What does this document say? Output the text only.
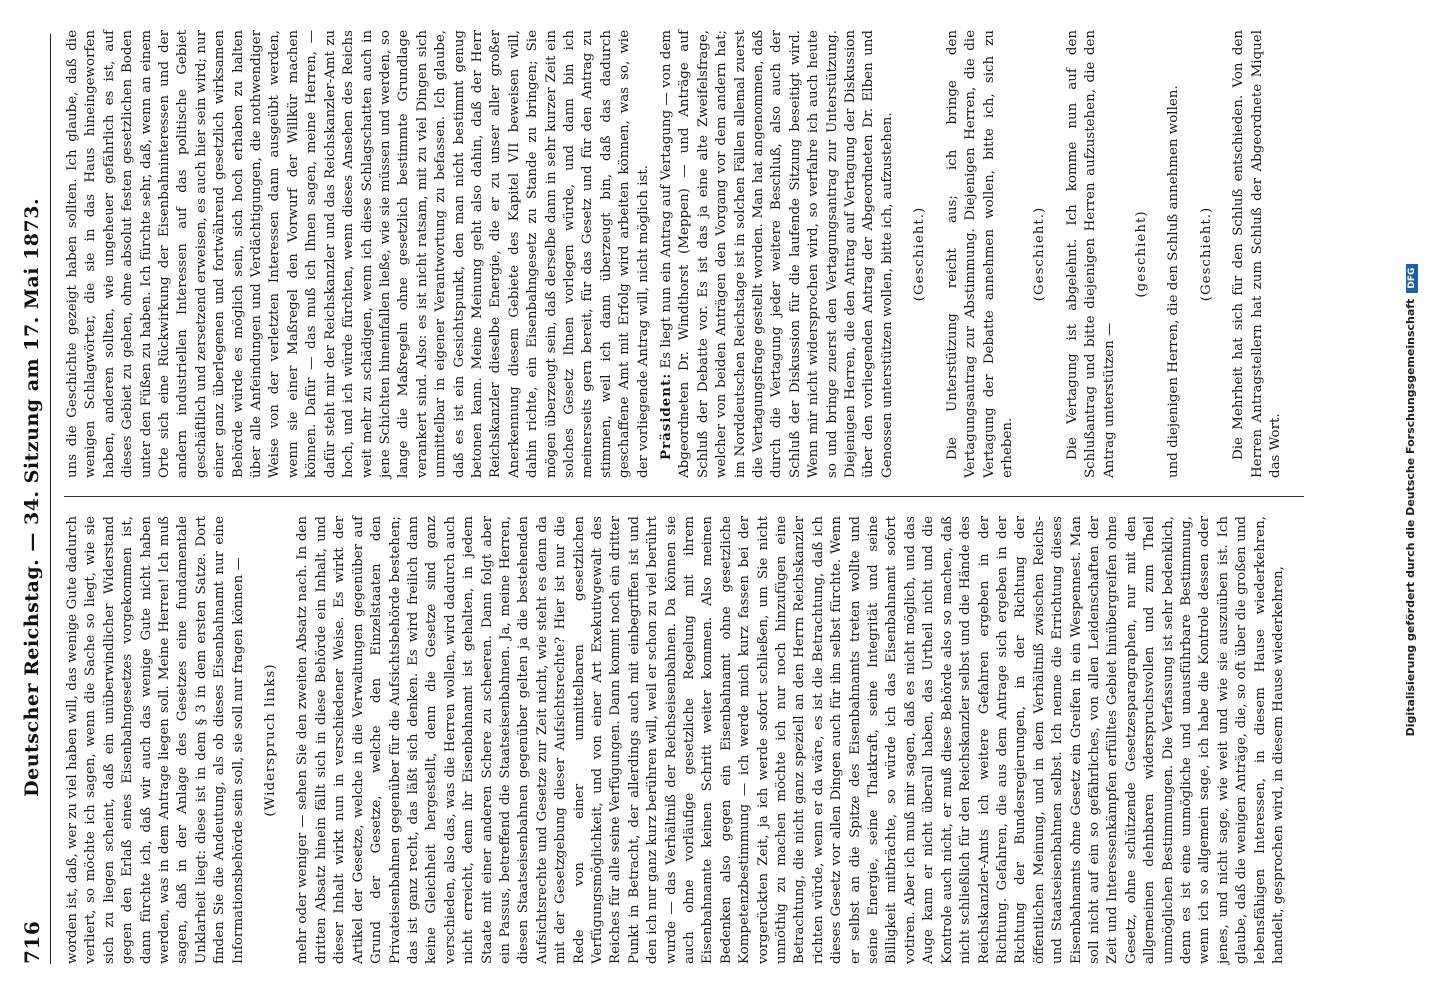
716
Deutscher Reichstag. — 34. Sitzung am 17. Mai 1873. worden ist, daß, wer zu viel haben will, das wenige Gute dadurch verliert, so möchte ich sagen, wenn die Sache so liegt, wie sie sich zu liegen scheint, daß ein unüberwindlicher Widerstand gegen den Erlaß eines Eisenbahngesetzes vorgekommen ist, dann fürchte ich, daß wir auch das wenige Gute nicht haben werden, was in dem Antrage liegen soll. Meine Herren! Ich muß sagen, daß in der Anlage des Gesetzes eine fundamentale Unklarheit liegt: diese ist in dem § 3 in dem ersten Satze. Dort finden Sie die Andeutung, als ob dieses Eisenbahnamt nur eine Informationsbehörde sein soll, sie soll nur fragen können — (Widerspruch links) mehr oder weniger — sehen Sie den zweiten Absatz nach. In den dritten Absatz hinein fällt sich in diese Behörde ein Inhalt, und dieser Inhalt wirkt nun in verschiedener Weise. Es wirkt der Artikel der Gesetze, welche in die Verwaltungen gegenüber auf Grund der Gesetze, welche den Einzelstaaten den Privateisenbahnen gegenüber für die Aufsichtsbehörde bestehen; das ist ganz recht, das läßt sich denken. Es wird freilich dann keine Gleichheit hergestellt, denn die Gesetze sind ganz verschieden, also das, was die Herren wollen, wird dadurch auch nicht erreicht, denn ihr Eisenbahnamt ist gehalten, in jedem Staate mit einer anderen Schere zu scheeren. Dann folgt aber ein Passus, betreffend die Staatseisenbahnen. Ja, meine Herren, diesen Staatseisenbahnen gegenüber gelten ja die bestehenden Aufsichtsrechte und Gesetze zur Zeit nicht, wie steht es denn da mit der Gesetzgebung dieser Aufsichtsrechte? Hier ist nur die Rede von einer unmittelbaren gesetzlichen Verfügungsmöglichkeit, und von einer Art Exekutivgewalt des Reiches für alle seine Verfügungen. Dann kommt noch ein dritter Punkt in Betracht, der allerdings auch mit einbegriffen ist und den ich nur ganz kurz berühren will, weil er schon zu viel berührt wurde — das Verhältniß der Reichseisenbahnen. Da können sie auch ohne vorläufige gesetzliche Regelung mit ihrem Eisenbahnamte keinen Schritt weiter kommen. Also meinen Bedenken also gegen ein Eisenbahnamt ohne gesetzliche Kompetenzbestimmung — ich werde mich kurz fassen bei der vorgerückten Zeit, ja ich werde sofort schließen, um Sie nicht unnöthig zu machen möchte ich nur noch hinzufügen eine Betrachtung, die nicht ganz speziell an den Herrn Reichskanzler richten würde, wenn er da wäre, es ist die Betrachtung, daß ich dieses Gesetz vor allen Dingen auch für ihn selbst fürchte. Wenn er selbst an die Spitze des Eisenbahnamts treten wollte und seine Energie, seine Thatkraft, seine Integrität und seine Billigkeit mitbrächte, so würde ich das Eisenbahnamt sofort votiren. Aber ich muß mir sagen, daß es nicht möglich, und das Auge kann er nicht überall haben, das Urtheil nicht und die Kontrole auch nicht, er muß diese Behörde also so machen, daß nicht schließlich für den Reichskanzler selbst und die Hände des Reichskanzler-Amts ich weitere Gefahren ergeben in der Richtung. Gefahren, die aus dem Antrage sich ergeben in der Richtung der Bundesregierungen, in der Richtung der öffentlichen Meinung, und in dem Verhältniß zwischen Reichs- und Staatseisenbahnen selbst. Ich nenne die Errichtung dieses Eisenbahnamts ohne Gesetz ein Greifen in ein Wespennest. Man soll nicht auf ein so gefährliches, von allen Leidenschaften der Zeit und Interessenkämpfen erfülltes Gebiet hinübergreifen ohne Gesetz, ohne schützende Gesetzesparagraphen, nur mit den allgemeinen dehnbaren widerspruchsvollen und zum Theil unmöglichen Bestimmungen. Die Verfassung ist sehr bedenklich, denn es ist eine unmögliche und unausführbare Bestimmung, wenn ich so allgemein sage, ich habe die Kontrole dessen oder jenes, und nicht sage, wie weit und wie sie auszuüben ist. Ich glaube, daß die wenigen Anträge, die, so oft über die großen und lebensfähigen Interessen, in diesem Hause wiederkehren, handelt, gesprochen wird, in diesem Hause wiederkehren,

uns die Geschichte gezeigt haben sollten. Ich glaube, daß die wenigen Schlagwörter, die sie in das Haus hineingeworfen haben, anderen sollten, wie ungeheuer gefährlich es ist, auf dieses Gebiet zu gehen, ohne absolut festen gesetzlichen Boden unter den Füßen zu haben. Ich fürchte sehr, daß, wenn an einem Orte sich eine Rückwirkung der Eisenbahninteressen und der andern industriellen Interessen auf das politische Gebiet geschäftlich und zersetzend erweisen, es auch hier sein wird; nur einer ganz überlegenen und fortwährend gesetzlich wirksamen Behörde würde es möglich sein, sich hoch erhaben zu halten über alle Anfeindungen und Verdächtigungen, die nothwendiger Weise von der verletzten Interessen dann ausgeübt werden, wenn sie einer Maßregel den Vorwurf der Willkür machen können. Dafür — das muß ich Ihnen sagen, meine Herren, — dafür steht mir der Reichskanzler und das Reichskanzler-Amt zu hoch, und ich würde fürchten, wenn dieses Ansehen des Reichs weit mehr zu schädigen, wenn ich diese Schlagschatten auch in jene Schichten hineinfallen ließe, wie sie müssen und werden, so lange die Maßregeln ohne gesetzlich bestimmte Grundlage verankert sind. Also: es ist nicht ratsam, mit zu viel Dingen sich unmittelbar in eigener Verantwortung zu befassen. Ich glaube, daß es ist ein Gesichtspunkt, den man nicht bestimmt genug betonen kann. Meine Meinung geht also dahin, daß der Herr Reichskanzler dieselbe Energie, die er zu unser aller großer Anerkennung diesem Gebiete des Kapitel VII beweisen will, dahin richte, ein Eisenbahngesetz zu Stande zu bringen; Sie mögen überzeugt sein, daß derselbe dann in sehr kurzer Zeit ein solches Gesetz Ihnen vorlegen würde, und dann bin ich meinerseits gern bereit, für das Gesetz und für den Antrag zu stimmen, weil ich dann überzeugt bin, daß das dadurch geschaffene Amt mit Erfolg wird arbeiten können, was so, wie der vorliegende Antrag will, nicht möglich ist. Präsident: Es liegt nun ein Antrag auf Vertagung — von dem Abgeordneten Dr. Windthorst (Meppen) — und Anträge auf Schluß der Debatte vor. Es ist das ja eine alte Zweifelsfrage, welcher von beiden Anträgen den Vorgang vor dem andern hat; im Norddeutschen Reichstage ist in solchen Fällen allemal zuerst die Vertagungsfrage gestellt worden. Man hat angenommen, daß durch die Vertagung jeder weitere Beschluß, also auch der Schluß der Diskussion für die laufende Sitzung beseitigt wird. Wenn mir nicht widersprochen wird, so verfahre ich auch heute so und bringe zuerst den Vertagungsantrag zur Unterstützung. Diejenigen Herren, die den Antrag auf Vertagung der Diskussion über den vorliegenden Antrag der Abgeordneten Dr. Elben und Genossen unterstützen wollen, bitte ich, aufzustehen. (Geschieht.) Die Unterstützung reicht aus; ich bringe den Vertagungsantrag zur Abstimmung. Diejenigen Herren, die die Vertagung der Debatte annehmen wollen, bitte ich, sich zu erheben.

(Geschieht.) Die Vertagung ist abgelehnt. Ich komme nun auf den Schlußantrag und bitte diejenigen Herren aufzustehen, die den Antrag unterstützen —

(geschieht) und diejenigen Herren, die den Schluß annehmen wollen. (Geschieht.) Die Mehrheit hat sich für den Schluß entschieden. Von den Herren Antragstellern hat zum Schluß der Abgeordnete Miquel das Wort.	Digitalisierung gefördert durch die Deutsche ForschungsgemeinschaftDFG
